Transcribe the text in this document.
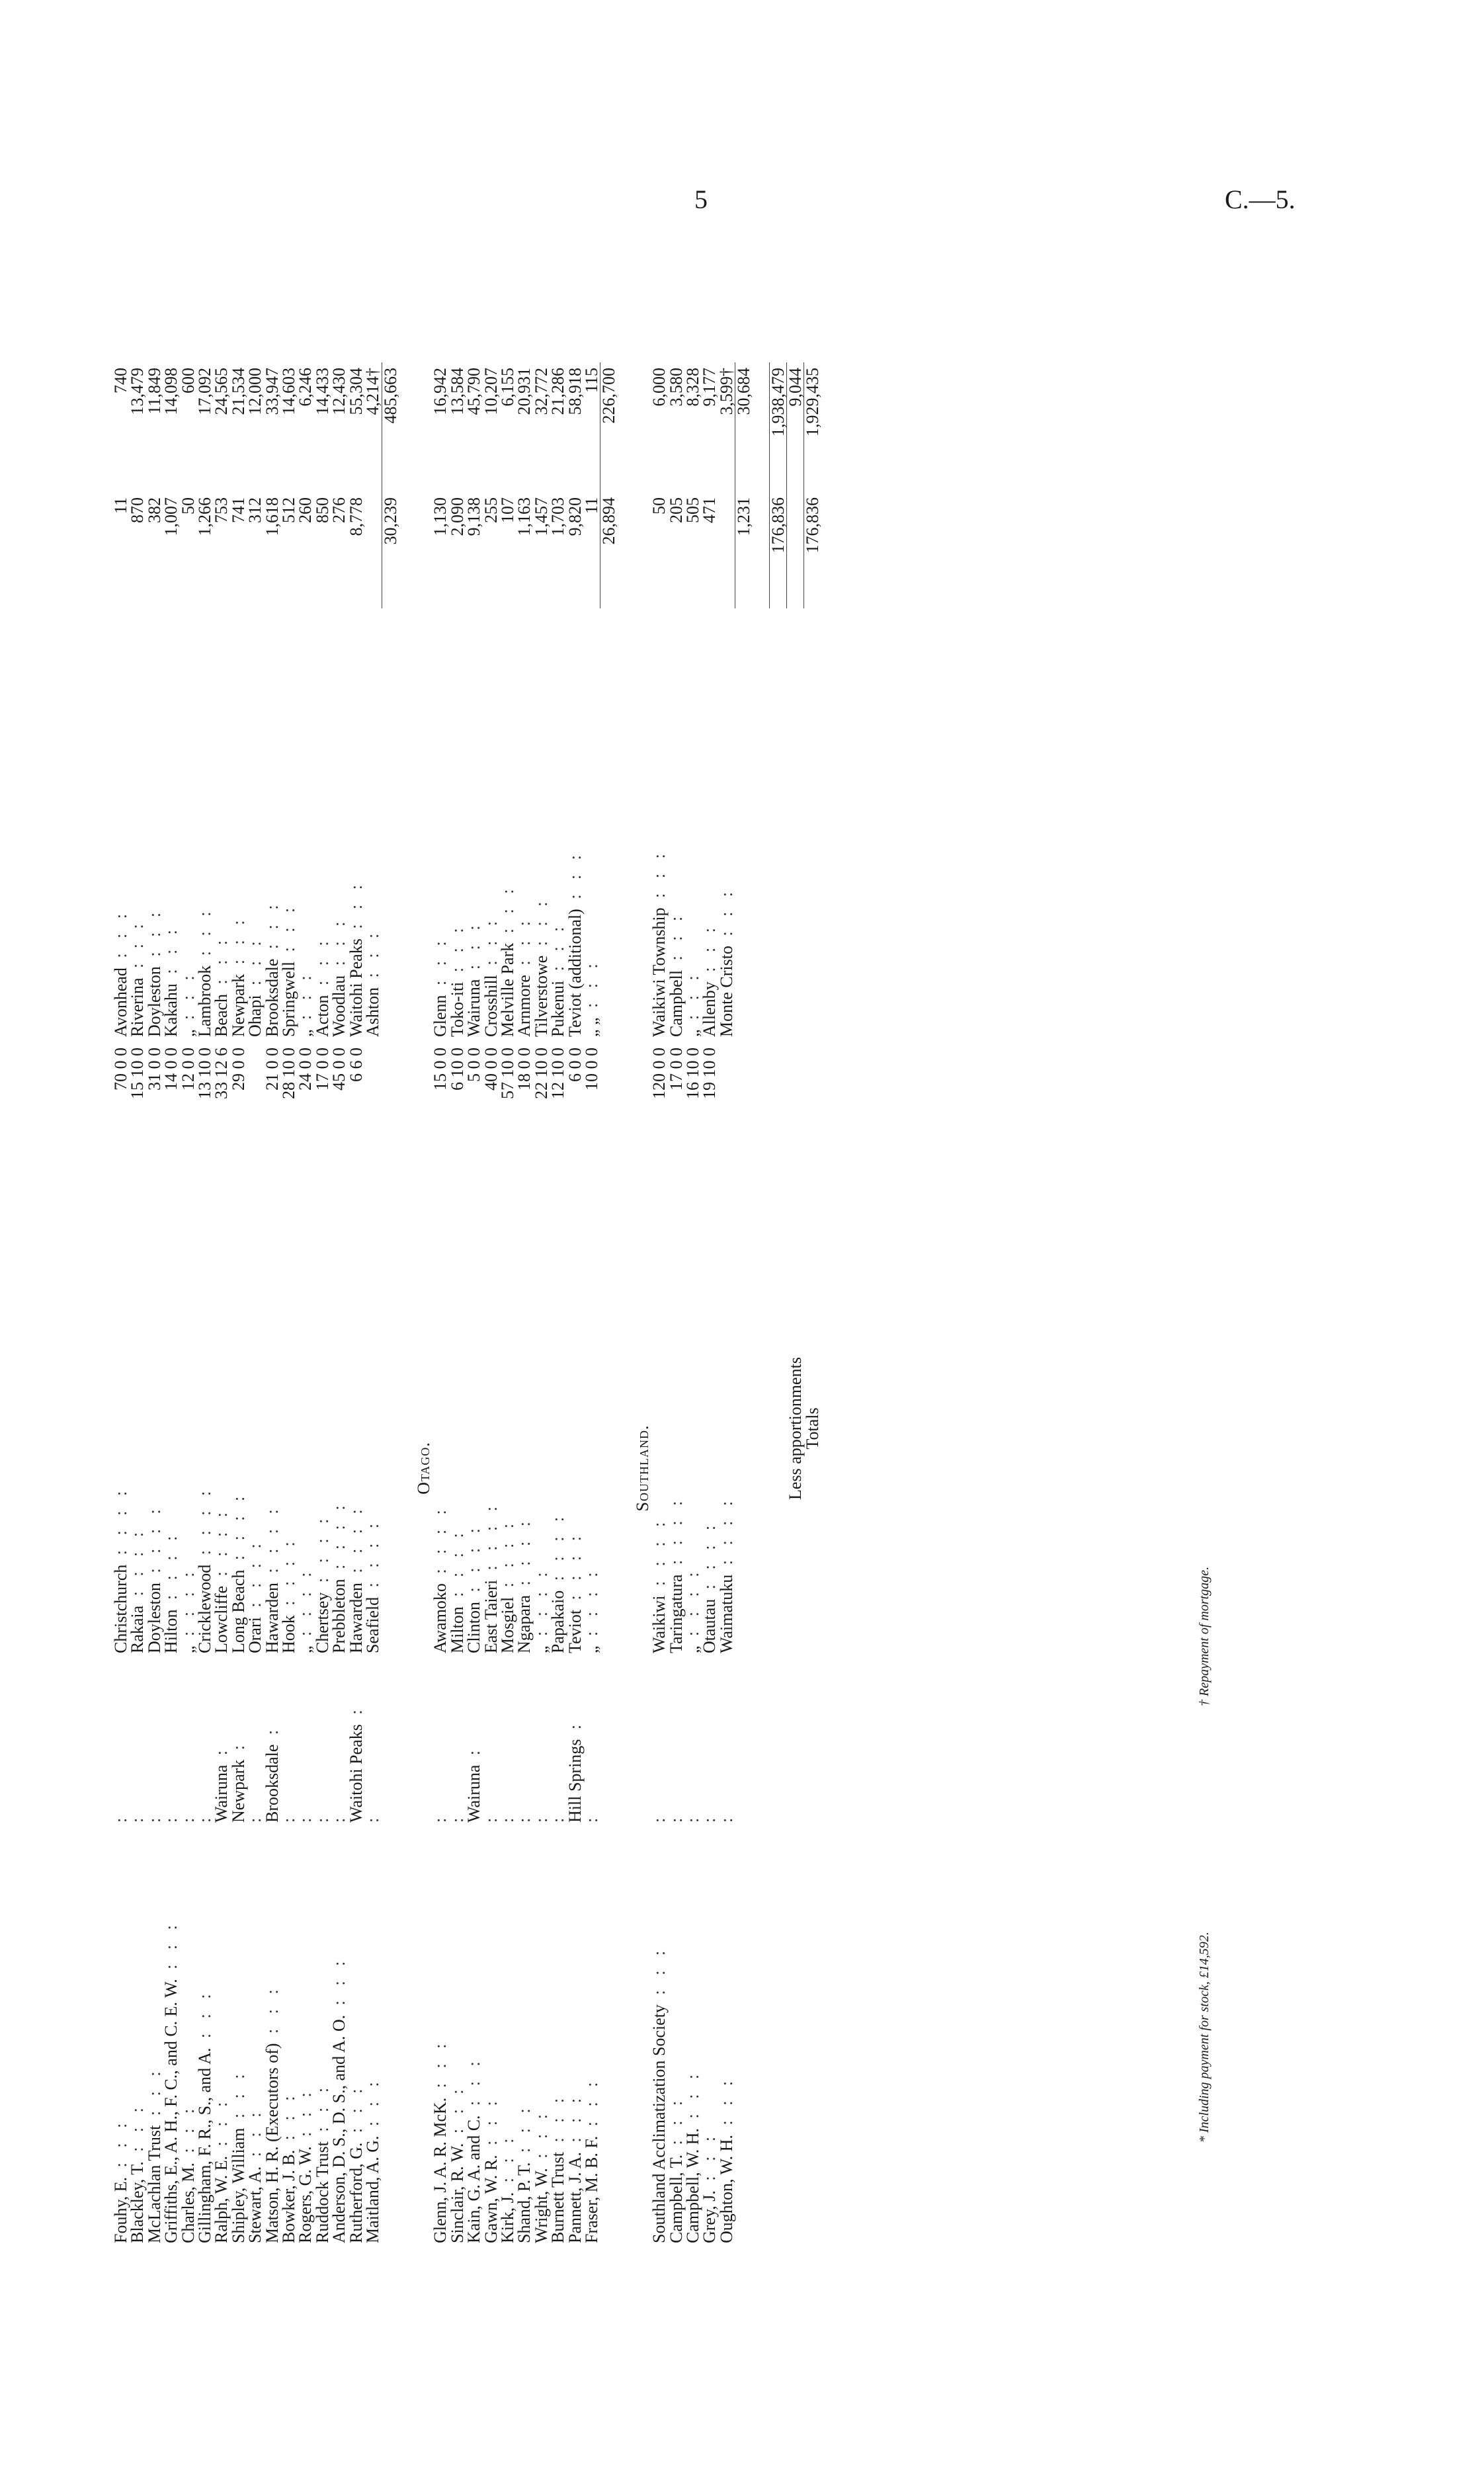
5	C.—5.
Fouhy, E. : : :	:	Christchurch : : : :	70 0 0	Avonhead : : :	11	740
Blackley, T. : : :	:	Rakaia : : : :	15 10 0	Riverina : : :	870	13,479
McLachlan Trust : : :	:	Doyleston : : : :	31 0 0	Doyleston : : :	382	11,849
Griffiths, E., A. H., F. C., and C. E. W. : : :	:	Hilton : : : :	14 0 0	Kakahu : : :	1,007	14,098
Charles, M. : : :	:	„ : : : :	12 0 0	„ : : :	50	600
Gillingham, F. R., S., and A. : : :	:	Cricklewood : : : :	13 10 0	Lambrook : : :	1,266	17,092
Ralph, W. E. : : :	Wairuna :	Lowcliffe : : : :	33 12 6	Beach : : :	753	24,565
Shipley, William : : :	Newpark :	Long Beach : : : :	29 0 0	Newpark : : :	741	21,534
Stewart, A. : : :	:	Orari : : : :		Ohapi : : :	312	12,000
Matson, H. R. (Executors of) : : :	Brooksdale :	Hawarden : : : :	21 0 0	Brooksdale : : :	1,618	33,947
Bowker, J. B. : : :	:	Hook : : : :	28 10 0	Springwell : : :	512	14,603
Rogers, G. W. : : :	:	„ : : : :	24 0 0	„ : : :	260	6,246
Ruddock Trust : : :	:	Chertsey : : : :	17 0 0	Acton : : :	850	14,433
Anderson, D. S., D. S., and A. O. : : :	:	Prebbleton : : : :	45 0 0	Woodlau : : :	276	12,430
Rutherford, G. : : :	Waitohi Peaks :	Hawarden : : : :	6 6 0	Waitohi Peaks : : :	8,778	55,304
Maitland, A. G. : : :	:	Seafield : : : :		Ashton : : :		4,214†
					30,239	485,663

		Otago.				
Glenn, J. A. R. McK. : : :	:	Awamoko : : : :	15 0 0	Glenn : : :	1,130	16,942
Sinclair, R. W. : : :	:	Milton : : : :	6 10 0	Toko-iti : : :	2,090	13,584
Kain, G. A. and C. : : :	Wairuna :	Clinton : : : :	5 0 0	Wairuna : : :	9,138	45,790
Gawn, W. R. : : :	:	East Taieri : : : :	40 0 0	Crosshill : : :	255	10,207
Kirk, J. : : :	:	Mosgiel : : : :	57 10 0	Melville Park : : :	107	6,155
Shand, P. T. : : :	:	Ngapara : : : :	18 0 0	Arnmore : : :	1,163	20,931
Wright, W. : : :	:	„ : : : :	22 10 0	Tilverstowe : : :	1,457	32,772
Burnett Trust : : :	:	Papakaio : : : :	12 10 0	Pukenui : : :	1,703	21,286
Pannett, J. A. : : :	Hill Springs :	Teviot : : : :	6 0 0	Teviot (additional) : : :	9,820	58,918
Fraser, M. B. F. : : :	:	„ : : : :	10 0 0	„ „ : : :	11	115
					26,894	226,700

		Southland.				
Southland Acclimatization Society : : :	:	Waikiwi : : : :	120 0 0	Waikiwi Township : : :	50	6,000
Campbell, T. : : :	:	Taringatura : : : :	17 0 0	Campbell : : :	205	3,580
Campbell, W. H. : : :	:	„ : : : :	16 10 0	„ : : :	505	8,328
Grey, J. : : :	:	Otautau : : : :	19 10 0	Allenby : : :	471	9,177
Oughton, W. H. : : :	:	Waimatuku : : : :		Monte Cristo : : :		3,599†
					1,231	30,684

					176,836	1,938,479
Less apportionments						9,044
Totals					176,836	1,929,435
* Including payment for stock, £14,592.
† Repayment of mortgage.
